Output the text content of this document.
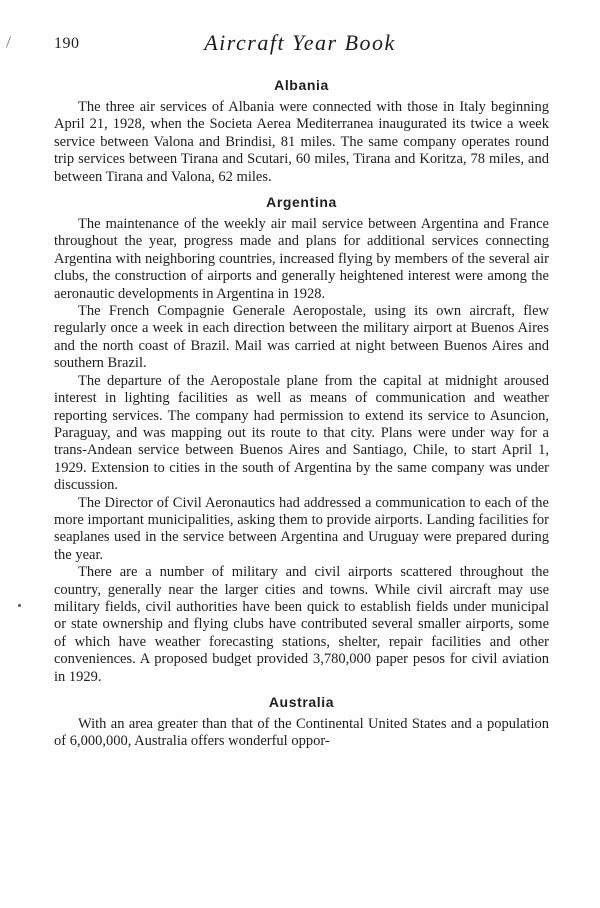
190	Aircraft Year Book
Albania

The three air services of Albania were connected with those in Italy beginning April 21, 1928, when the Societa Aerea Mediterranea inaugurated its twice a week service between Valona and Brindisi, 81 miles. The same company operates round trip services between Tirana and Scutari, 60 miles, Tirana and Koritza, 78 miles, and between Tirana and Valona, 62 miles.

Argentina

The maintenance of the weekly air mail service between Argentina and France throughout the year, progress made and plans for additional services connecting Argentina with neighboring countries, increased flying by members of the several air clubs, the construction of airports and generally heightened interest were among the aeronautic developments in Argentina in 1928.

The French Compagnie Generale Aeropostale, using its own aircraft, flew regularly once a week in each direction between the military airport at Buenos Aires and the north coast of Brazil. Mail was carried at night between Buenos Aires and southern Brazil.

The departure of the Aeropostale plane from the capital at midnight aroused interest in lighting facilities as well as means of communication and weather reporting services. The company had permission to extend its service to Asuncion, Paraguay, and was mapping out its route to that city. Plans were under way for a trans-Andean service between Buenos Aires and Santiago, Chile, to start April 1, 1929. Extension to cities in the south of Argentina by the same company was under discussion.

The Director of Civil Aeronautics had addressed a communication to each of the more important municipalities, asking them to provide airports. Landing facilities for seaplanes used in the service between Argentina and Uruguay were prepared during the year.

There are a number of military and civil airports scattered throughout the country, generally near the larger cities and towns. While civil aircraft may use military fields, civil authorities have been quick to establish fields under municipal or state ownership and flying clubs have contributed several smaller airports, some of which have weather forecasting stations, shelter, repair facilities and other conveniences. A proposed budget provided 3,780,000 paper pesos for civil aviation in 1929.

Australia

With an area greater than that of the Continental United States and a population of 6,000,000, Australia offers wonderful oppor-
